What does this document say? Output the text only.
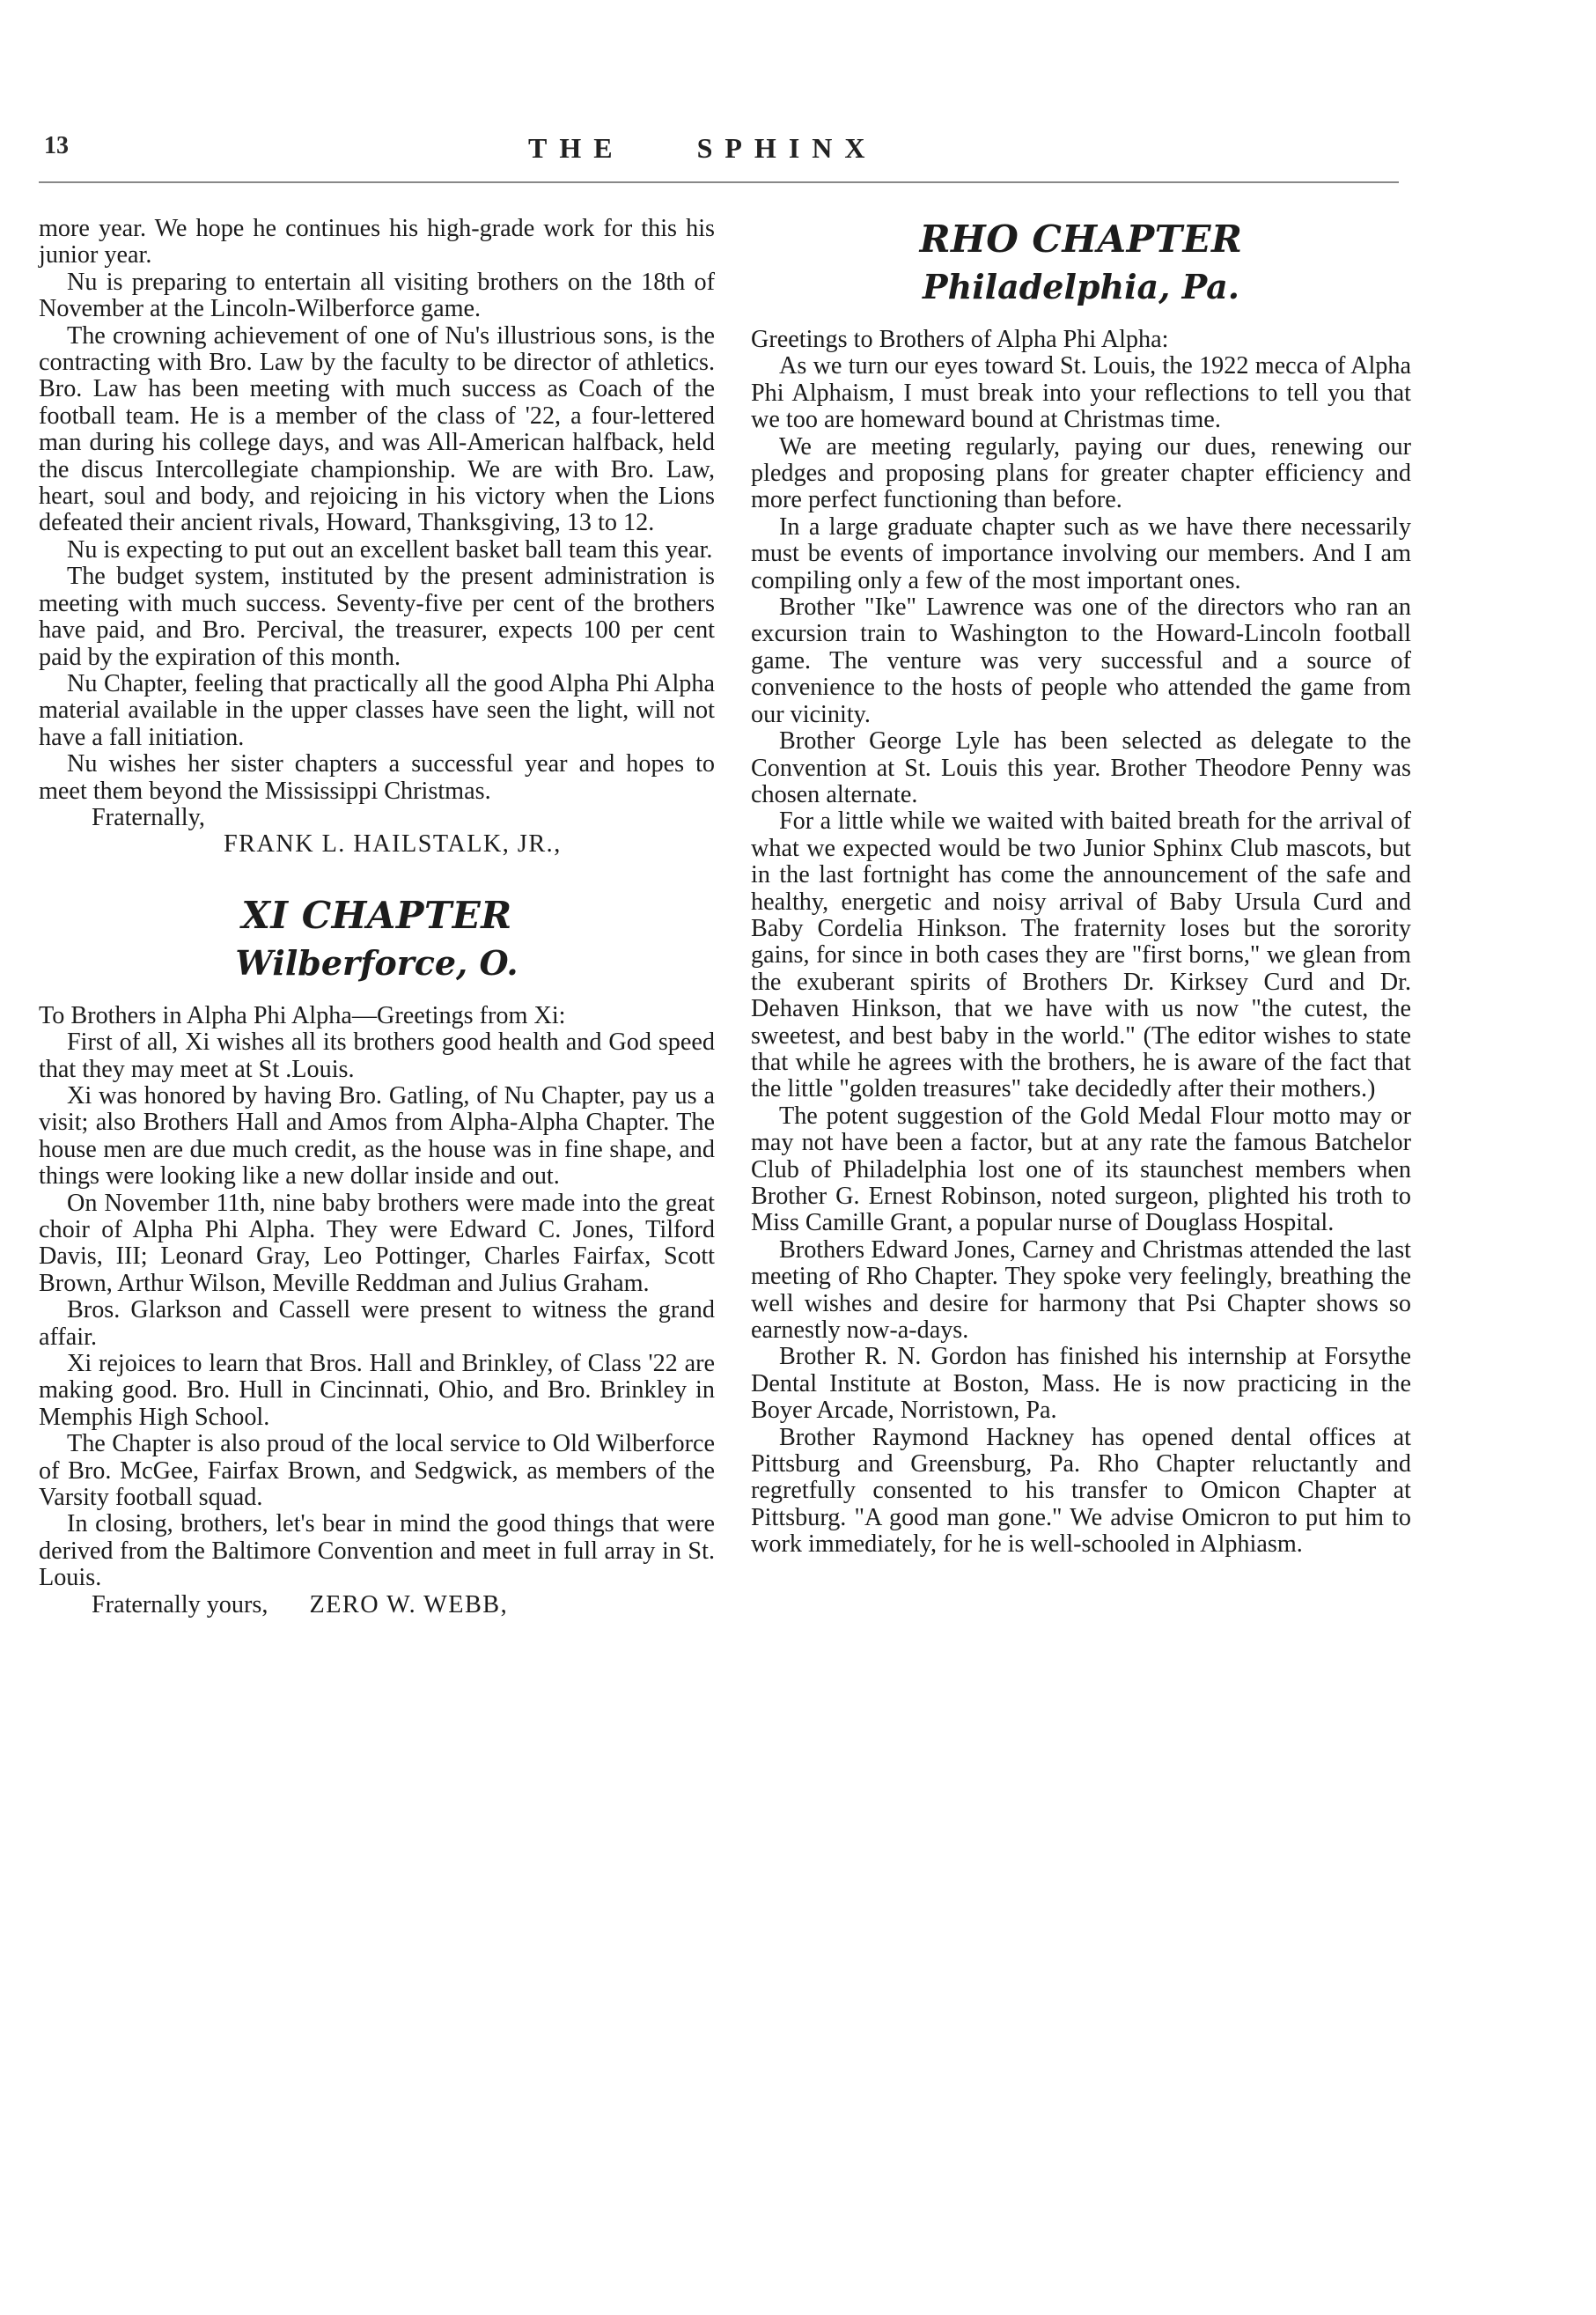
13	THE SPHINX

more year. We hope he continues his high-grade work for this his junior year.

Nu is preparing to entertain all visiting brothers on the 18th of November at the Lincoln-Wilberforce game.

The crowning achievement of one of Nu's illustrious sons, is the contracting with Bro. Law by the faculty to be director of athletics. Bro. Law has been meeting with much success as Coach of the football team. He is a member of the class of '22, a four-lettered man during his college days, and was All-American halfback, held the discus Intercollegiate championship. We are with Bro. Law, heart, soul and body, and rejoicing in his victory when the Lions defeated their ancient rivals, Howard, Thanksgiving, 13 to 12.

Nu is expecting to put out an excellent basket ball team this year.

The budget system, instituted by the present administration is meeting with much success. Seventy-five per cent of the brothers have paid, and Bro. Percival, the treasurer, expects 100 per cent paid by the expiration of this month.

Nu Chapter, feeling that practically all the good Alpha Phi Alpha material available in the upper classes have seen the light, will not have a fall initiation.

Nu wishes her sister chapters a successful year and hopes to meet them beyond the Mississippi Christmas.

Fraternally,

FRANK L. HAILSTALK, JR.,

XI CHAPTER
Wilberforce, O.

To Brothers in Alpha Phi Alpha—Greetings from Xi:

First of all, Xi wishes all its brothers good health and God speed that they may meet at St .Louis.

Xi was honored by having Bro. Gatling, of Nu Chapter, pay us a visit; also Brothers Hall and Amos from Alpha-Alpha Chapter. The house men are due much credit, as the house was in fine shape, and things were looking like a new dollar inside and out.

On November 11th, nine baby brothers were made into the great choir of Alpha Phi Alpha. They were Edward C. Jones, Tilford Davis, III; Leonard Gray, Leo Pottinger, Charles Fairfax, Scott Brown, Arthur Wilson, Meville Reddman and Julius Graham.

Bros. Glarkson and Cassell were present to witness the grand affair.

Xi rejoices to learn that Bros. Hall and Brinkley, of Class '22 are making good. Bro. Hull in Cincinnati, Ohio, and Bro. Brinkley in Memphis High School.

The Chapter is also proud of the local service to Old Wilberforce of Bro. McGee, Fairfax Brown, and Sedgwick, as members of the Varsity football squad.

In closing, brothers, let's bear in mind the good things that were derived from the Baltimore Convention and meet in full array in St. Louis.

Fraternally yours, ZERO W. WEBB,

RHO CHAPTER
Philadelphia, Pa.

Greetings to Brothers of Alpha Phi Alpha:

As we turn our eyes toward St. Louis, the 1922 mecca of Alpha Phi Alphaism, I must break into your reflections to tell you that we too are homeward bound at Christmas time.

We are meeting regularly, paying our dues, renewing our pledges and proposing plans for greater chapter efficiency and more perfect functioning than before.

In a large graduate chapter such as we have there necessarily must be events of importance involving our members. And I am compiling only a few of the most important ones.

Brother "Ike" Lawrence was one of the directors who ran an excursion train to Washington to the Howard-Lincoln football game. The venture was very successful and a source of convenience to the hosts of people who attended the game from our vicinity.

Brother George Lyle has been selected as delegate to the Convention at St. Louis this year. Brother Theodore Penny was chosen alternate.

For a little while we waited with baited breath for the arrival of what we expected would be two Junior Sphinx Club mascots, but in the last fortnight has come the announcement of the safe and healthy, energetic and noisy arrival of Baby Ursula Curd and Baby Cordelia Hinkson. The fraternity loses but the sorority gains, for since in both cases they are "first borns," we glean from the exuberant spirits of Brothers Dr. Kirksey Curd and Dr. Dehaven Hinkson, that we have with us now "the cutest, the sweetest, and best baby in the world." (The editor wishes to state that while he agrees with the brothers, he is aware of the fact that the little "golden treasures" take decidedly after their mothers.)

The potent suggestion of the Gold Medal Flour motto may or may not have been a factor, but at any rate the famous Batchelor Club of Philadelphia lost one of its staunchest members when Brother G. Ernest Robinson, noted surgeon, plighted his troth to Miss Camille Grant, a popular nurse of Douglass Hospital.

Brothers Edward Jones, Carney and Christmas attended the last meeting of Rho Chapter. They spoke very feelingly, breathing the well wishes and desire for harmony that Psi Chapter shows so earnestly now-a-days.

Brother R. N. Gordon has finished his internship at Forsythe Dental Institute at Boston, Mass. He is now practicing in the Boyer Arcade, Norristown, Pa.

Brother Raymond Hackney has opened dental offices at Pittsburg and Greensburg, Pa. Rho Chapter reluctantly and regretfully consented to his transfer to Omicon Chapter at Pittsburg. "A good man gone." We advise Omicron to put him to work immediately, for he is well-schooled in Alphiasm.
